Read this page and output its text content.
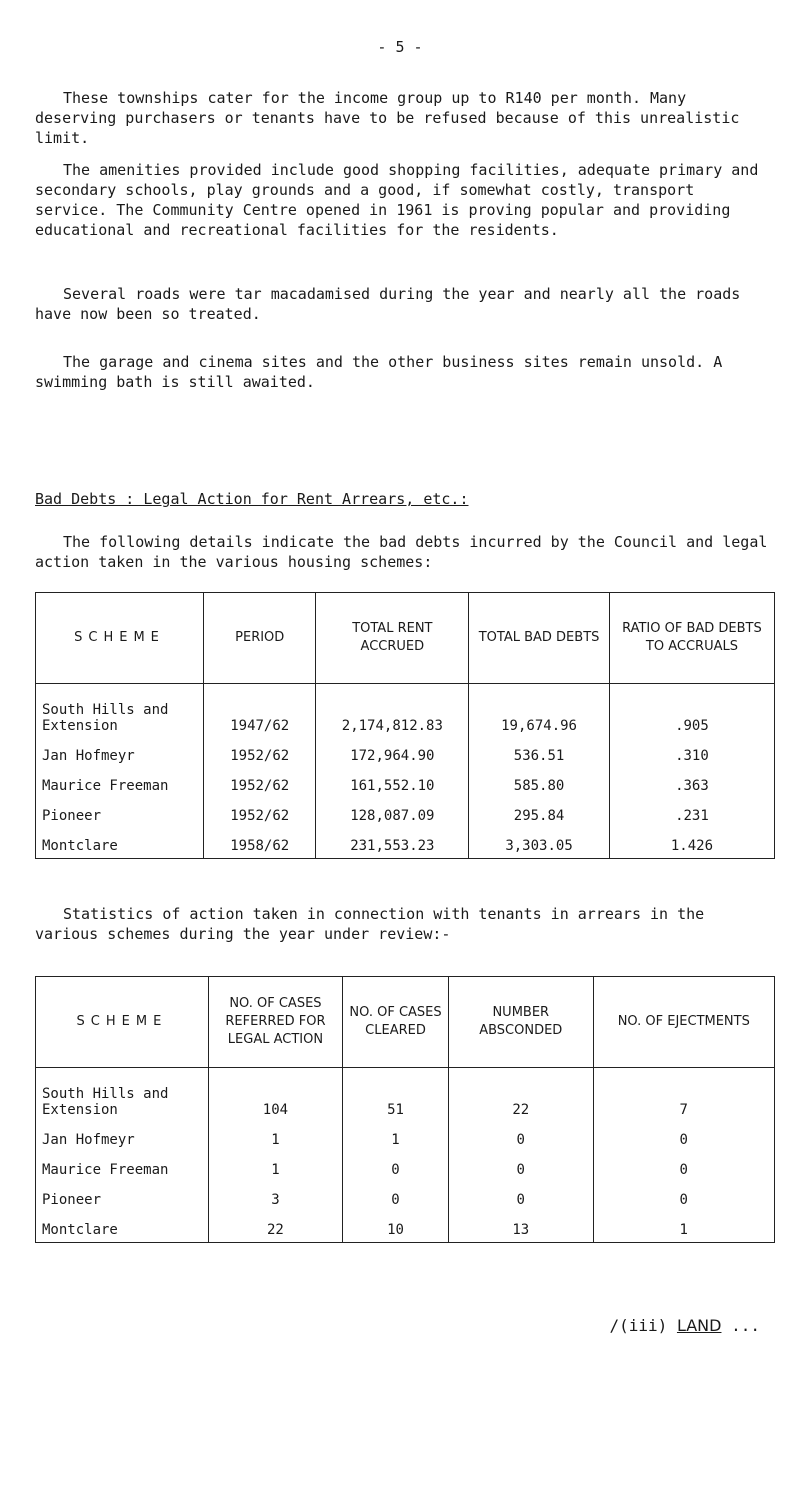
- 5 -

These townships cater for the income group up to R140 per month. Many deserving purchasers or tenants have to be refused because of this unrealistic limit.

The amenities provided include good shopping facilities, adequate primary and secondary schools, play grounds and a good, if somewhat costly, transport service. The Community Centre opened in 1961 is proving popular and providing educational and recreational facilities for the residents.

Several roads were tar macadamised during the year and nearly all the roads have now been so treated.

The garage and cinema sites and the other business sites remain unsold. A swimming bath is still awaited.

Bad Debts : Legal Action for Rent Arrears, etc.:

The following details indicate the bad debts incurred by the Council and legal action taken in the various housing schemes:

SCHEME	PERIOD	TOTAL RENT ACCRUED	TOTAL BAD DEBTS	RATIO OF BAD DEBTS TO ACCRUALS

South Hills and
Extension	1947/62	2,174,812.83	19,674.96	.905
Jan Hofmeyr	1952/62	172,964.90	536.51	.310
Maurice Freeman	1952/62	161,552.10	585.80	.363
Pioneer	1952/62	128,087.09	295.84	.231
Montclare	1958/62	231,553.23	3,303.05	1.426

Statistics of action taken in connection with tenants in arrears in the various schemes during the year under review:-

SCHEME	NO. OF CASES REFERRED FOR LEGAL ACTION	NO. OF CASES CLEARED	NUMBER ABSCONDED	NO. OF EJECTMENTS

South Hills and
Extension	104	51	22	7
Jan Hofmeyr	1	1	0	0
Maurice Freeman	1	0	0	0
Pioneer	3	0	0	0
Montclare	22	10	13	1
/(iii) LAND ...
